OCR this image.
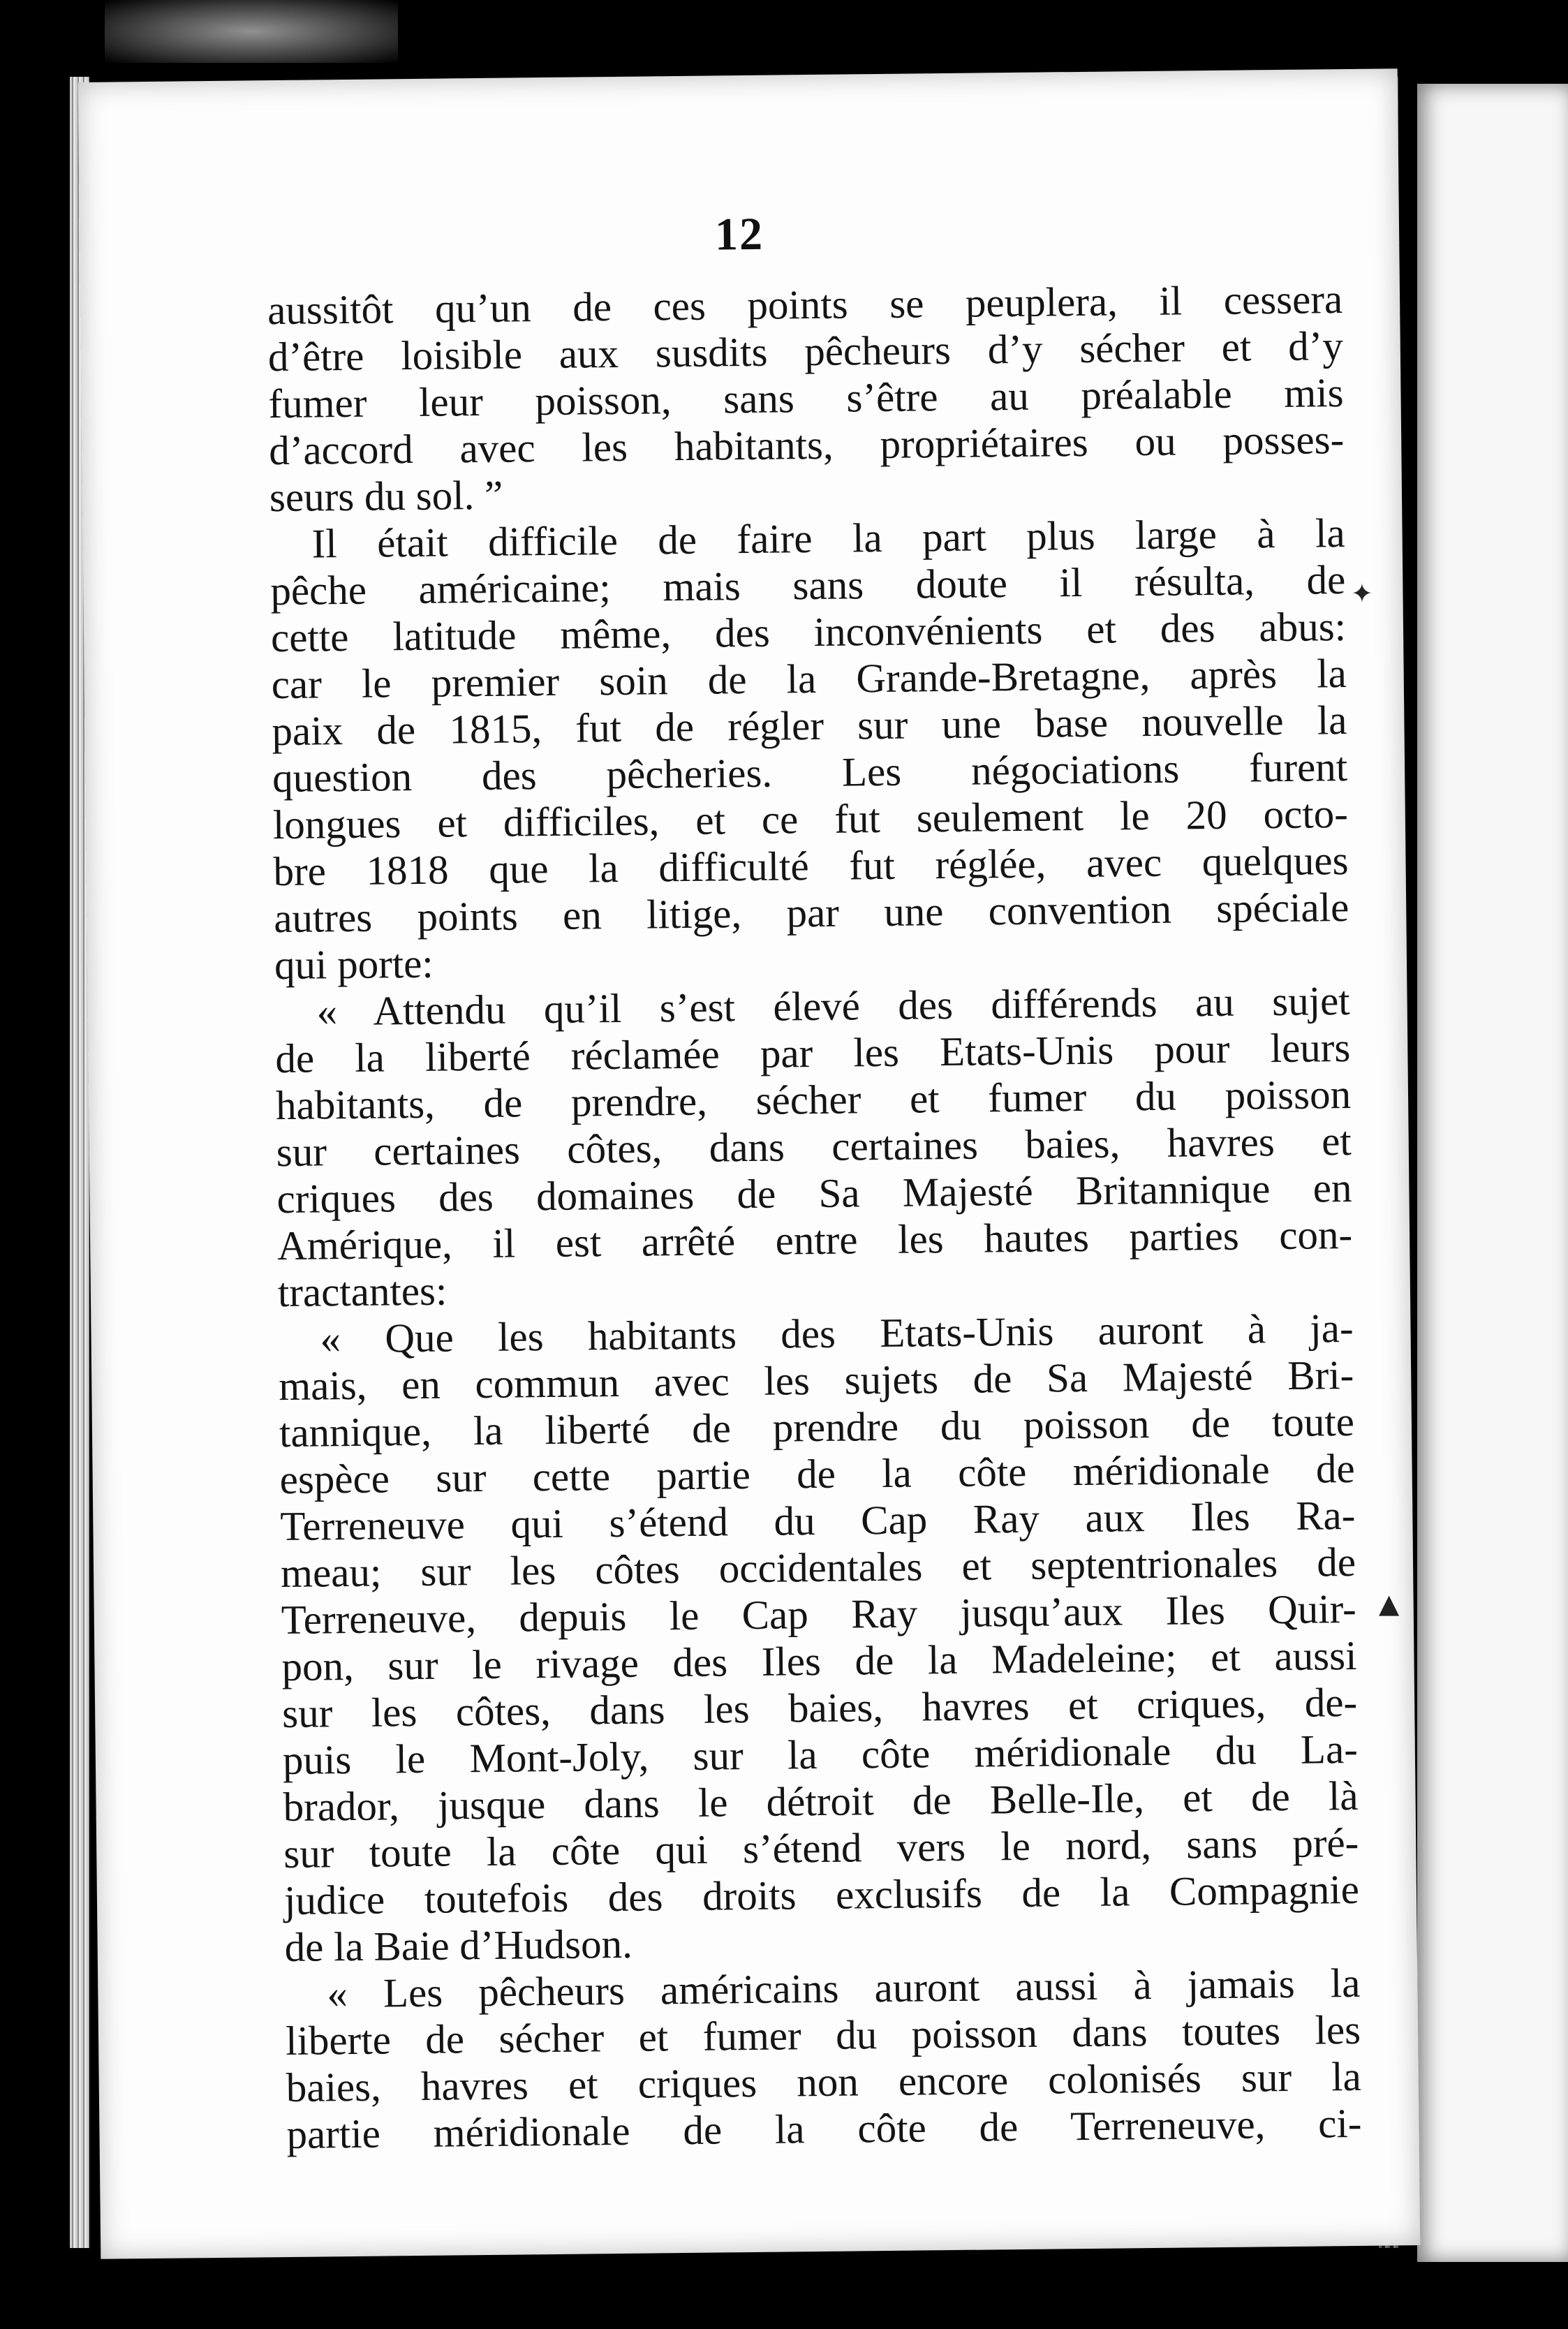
12
aussitôt qu’un de ces points se peuplera, il cessera
d’être loisible aux susdits pêcheurs d’y sécher et d’y
fumer leur poisson, sans s’être au préalable mis
d’accord avec les habitants, propriétaires ou posses-
seurs du sol. ”
Il était difficile de faire la part plus large à la
pêche américaine; mais sans doute il résulta, de
cette latitude même, des inconvénients et des abus:
car le premier soin de la Grande-Bretagne, après la
paix de 1815, fut de régler sur une base nouvelle la
question des pêcheries. Les négociations furent
longues et difficiles, et ce fut seulement le 20 octo-
bre 1818 que la difficulté fut réglée, avec quelques
autres points en litige, par une convention spéciale
qui porte:
« Attendu qu’il s’est élevé des différends au sujet
de la liberté réclamée par les Etats-Unis pour leurs
habitants, de prendre, sécher et fumer du poisson
sur certaines côtes, dans certaines baies, havres et
criques des domaines de Sa Majesté Britannique en
Amérique, il est arrêté entre les hautes parties con-
tractantes:
« Que les habitants des Etats-Unis auront à ja-
mais, en commun avec les sujets de Sa Majesté Bri-
tannique, la liberté de prendre du poisson de toute
espèce sur cette partie de la côte méridionale de
Terreneuve qui s’étend du Cap Ray aux Iles Ra-
meau; sur les côtes occidentales et septentrionales de
Terreneuve, depuis le Cap Ray jusqu’aux Iles Quir-
pon, sur le rivage des Iles de la Madeleine; et aussi
sur les côtes, dans les baies, havres et criques, de-
puis le Mont-Joly, sur la côte méridionale du La-
brador, jusque dans le détroit de Belle-Ile, et de là
sur toute la côte qui s’étend vers le nord, sans pré-
judice toutefois des droits exclusifs de la Compagnie
de la Baie d’Hudson.
« Les pêcheurs américains auront aussi à jamais la
liberte de sécher et fumer du poisson dans toutes les
baies, havres et criques non encore colonisés sur la
partie méridionale de la côte de Terreneuve, ci-
✦
▲
